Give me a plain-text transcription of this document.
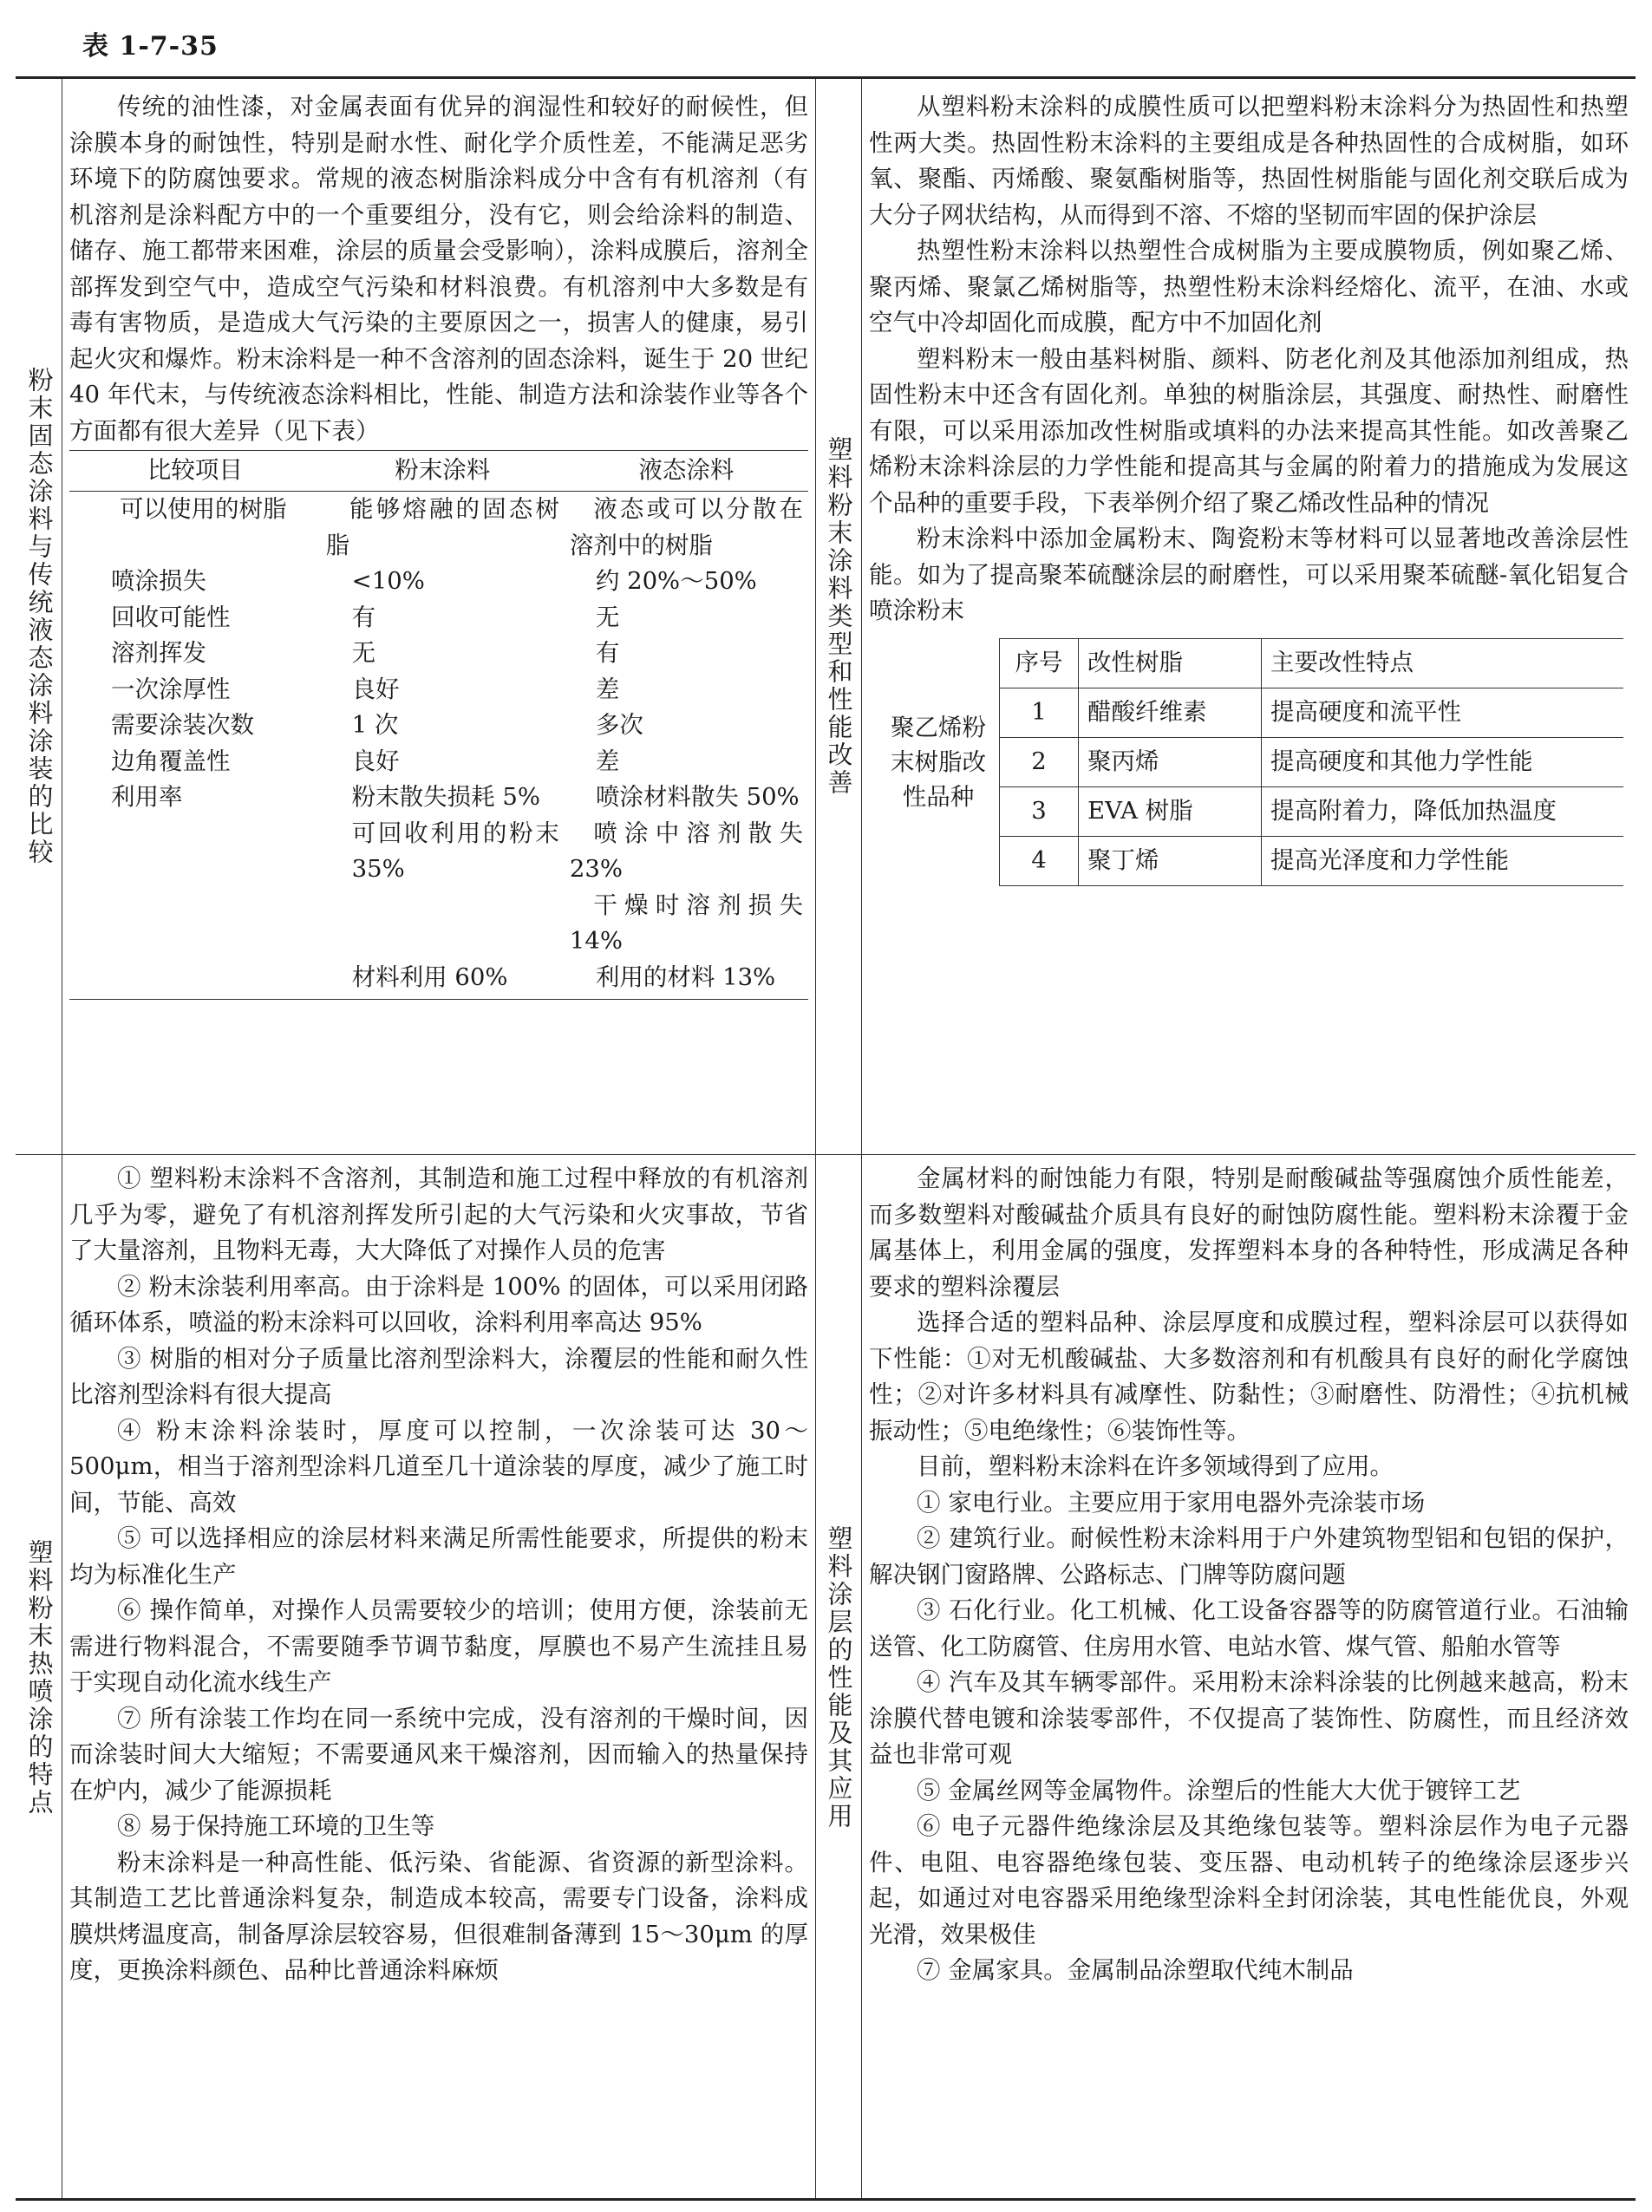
表 1-7-35
粉末固态涂料与传统液态涂料涂装的比较

传统的油性漆，对金属表面有优异的润湿性和较好的耐候性，但涂膜本身的耐蚀性，特别是耐水性、耐化学介质性差，不能满足恶劣环境下的防腐蚀要求。常规的液态树脂涂料成分中含有有机溶剂（有机溶剂是涂料配方中的一个重要组分，没有它，则会给涂料的制造、储存、施工都带来困难，涂层的质量会受影响），涂料成膜后，溶剂全部挥发到空气中，造成空气污染和材料浪费。有机溶剂中大多数是有毒有害物质，是造成大气污染的主要原因之一，损害人的健康，易引起火灾和爆炸。粉末涂料是一种不含溶剂的固态涂料，诞生于 20 世纪 40 年代末，与传统液态涂料相比，性能、制造方法和涂装作业等各个方面都有很大差异（见下表）

比较项目	粉末涂料	液态涂料
可以使用的树脂	能够熔融的固态树脂	液态或可以分散在溶剂中的树脂
喷涂损失	<10%	约 20%～50%
回收可能性	有	无
溶剂挥发	无	有
一次涂厚性	良好	差
需要涂装次数	1 次	多次
边角覆盖性	良好	差
利用率	粉末散失损耗 5%	喷涂材料散失 50%
	可回收利用的粉末 35%	喷涂中溶剂散失 23%
		干燥时溶剂损失 14%
	材料利用 60%	利用的材料 13%
塑料粉末涂料类型和性能改善

从塑料粉末涂料的成膜性质可以把塑料粉末涂料分为热固性和热塑性两大类。热固性粉末涂料的主要组成是各种热固性的合成树脂，如环氧、聚酯、丙烯酸、聚氨酯树脂等，热固性树脂能与固化剂交联后成为大分子网状结构，从而得到不溶、不熔的坚韧而牢固的保护涂层

热塑性粉末涂料以热塑性合成树脂为主要成膜物质，例如聚乙烯、聚丙烯、聚氯乙烯树脂等，热塑性粉末涂料经熔化、流平，在油、水或空气中冷却固化而成膜，配方中不加固化剂

塑料粉末一般由基料树脂、颜料、防老化剂及其他添加剂组成，热固性粉末中还含有固化剂。单独的树脂涂层，其强度、耐热性、耐磨性有限，可以采用添加改性树脂或填料的办法来提高其性能。如改善聚乙烯粉末涂料涂层的力学性能和提高其与金属的附着力的措施成为发展这个品种的重要手段，下表举例介绍了聚乙烯改性品种的情况

粉末涂料中添加金属粉末、陶瓷粉末等材料可以显著地改善涂层性能。如为了提高聚苯硫醚涂层的耐磨性，可以采用聚苯硫醚-氧化铝复合喷涂粉末

聚乙烯粉末树脂改性品种	序号	改性树脂	主要改性特点
	1	醋酸纤维素	提高硬度和流平性
	2	聚丙烯	提高硬度和其他力学性能
	3	EVA 树脂	提高附着力，降低加热温度
	4	聚丁烯	提高光泽度和力学性能
塑料粉末热喷涂的特点

① 塑料粉末涂料不含溶剂，其制造和施工过程中释放的有机溶剂几乎为零，避免了有机溶剂挥发所引起的大气污染和火灾事故，节省了大量溶剂，且物料无毒，大大降低了对操作人员的危害

② 粉末涂装利用率高。由于涂料是 100% 的固体，可以采用闭路循环体系，喷溢的粉末涂料可以回收，涂料利用率高达 95%

③ 树脂的相对分子质量比溶剂型涂料大，涂覆层的性能和耐久性比溶剂型涂料有很大提高

④ 粉末涂料涂装时，厚度可以控制，一次涂装可达 30～500μm，相当于溶剂型涂料几道至几十道涂装的厚度，减少了施工时间，节能、高效

⑤ 可以选择相应的涂层材料来满足所需性能要求，所提供的粉末均为标准化生产

⑥ 操作简单，对操作人员需要较少的培训；使用方便，涂装前无需进行物料混合，不需要随季节调节黏度，厚膜也不易产生流挂且易于实现自动化流水线生产

⑦ 所有涂装工作均在同一系统中完成，没有溶剂的干燥时间，因而涂装时间大大缩短；不需要通风来干燥溶剂，因而输入的热量保持在炉内，减少了能源损耗

⑧ 易于保持施工环境的卫生等

粉末涂料是一种高性能、低污染、省能源、省资源的新型涂料。其制造工艺比普通涂料复杂，制造成本较高，需要专门设备，涂料成膜烘烤温度高，制备厚涂层较容易，但很难制备薄到 15～30μm 的厚度，更换涂料颜色、品种比普通涂料麻烦

塑料涂层的性能及其应用

金属材料的耐蚀能力有限，特别是耐酸碱盐等强腐蚀介质性能差，而多数塑料对酸碱盐介质具有良好的耐蚀防腐性能。塑料粉末涂覆于金属基体上，利用金属的强度，发挥塑料本身的各种特性，形成满足各种要求的塑料涂覆层

选择合适的塑料品种、涂层厚度和成膜过程，塑料涂层可以获得如下性能：①对无机酸碱盐、大多数溶剂和有机酸具有良好的耐化学腐蚀性；②对许多材料具有减摩性、防黏性；③耐磨性、防滑性；④抗机械振动性；⑤电绝缘性；⑥装饰性等。

目前，塑料粉末涂料在许多领域得到了应用。

① 家电行业。主要应用于家用电器外壳涂装市场

② 建筑行业。耐候性粉末涂料用于户外建筑物型铝和包铝的保护，解决钢门窗路牌、公路标志、门牌等防腐问题

③ 石化行业。化工机械、化工设备容器等的防腐管道行业。石油输送管、化工防腐管、住房用水管、电站水管、煤气管、船舶水管等

④ 汽车及其车辆零部件。采用粉末涂料涂装的比例越来越高，粉末涂膜代替电镀和涂装零部件，不仅提高了装饰性、防腐性，而且经济效益也非常可观

⑤ 金属丝网等金属物件。涂塑后的性能大大优于镀锌工艺

⑥ 电子元器件绝缘涂层及其绝缘包装等。塑料涂层作为电子元器件、电阻、电容器绝缘包装、变压器、电动机转子的绝缘涂层逐步兴起，如通过对电容器采用绝缘型涂料全封闭涂装，其电性能优良，外观光滑，效果极佳

⑦ 金属家具。金属制品涂塑取代纯木制品
